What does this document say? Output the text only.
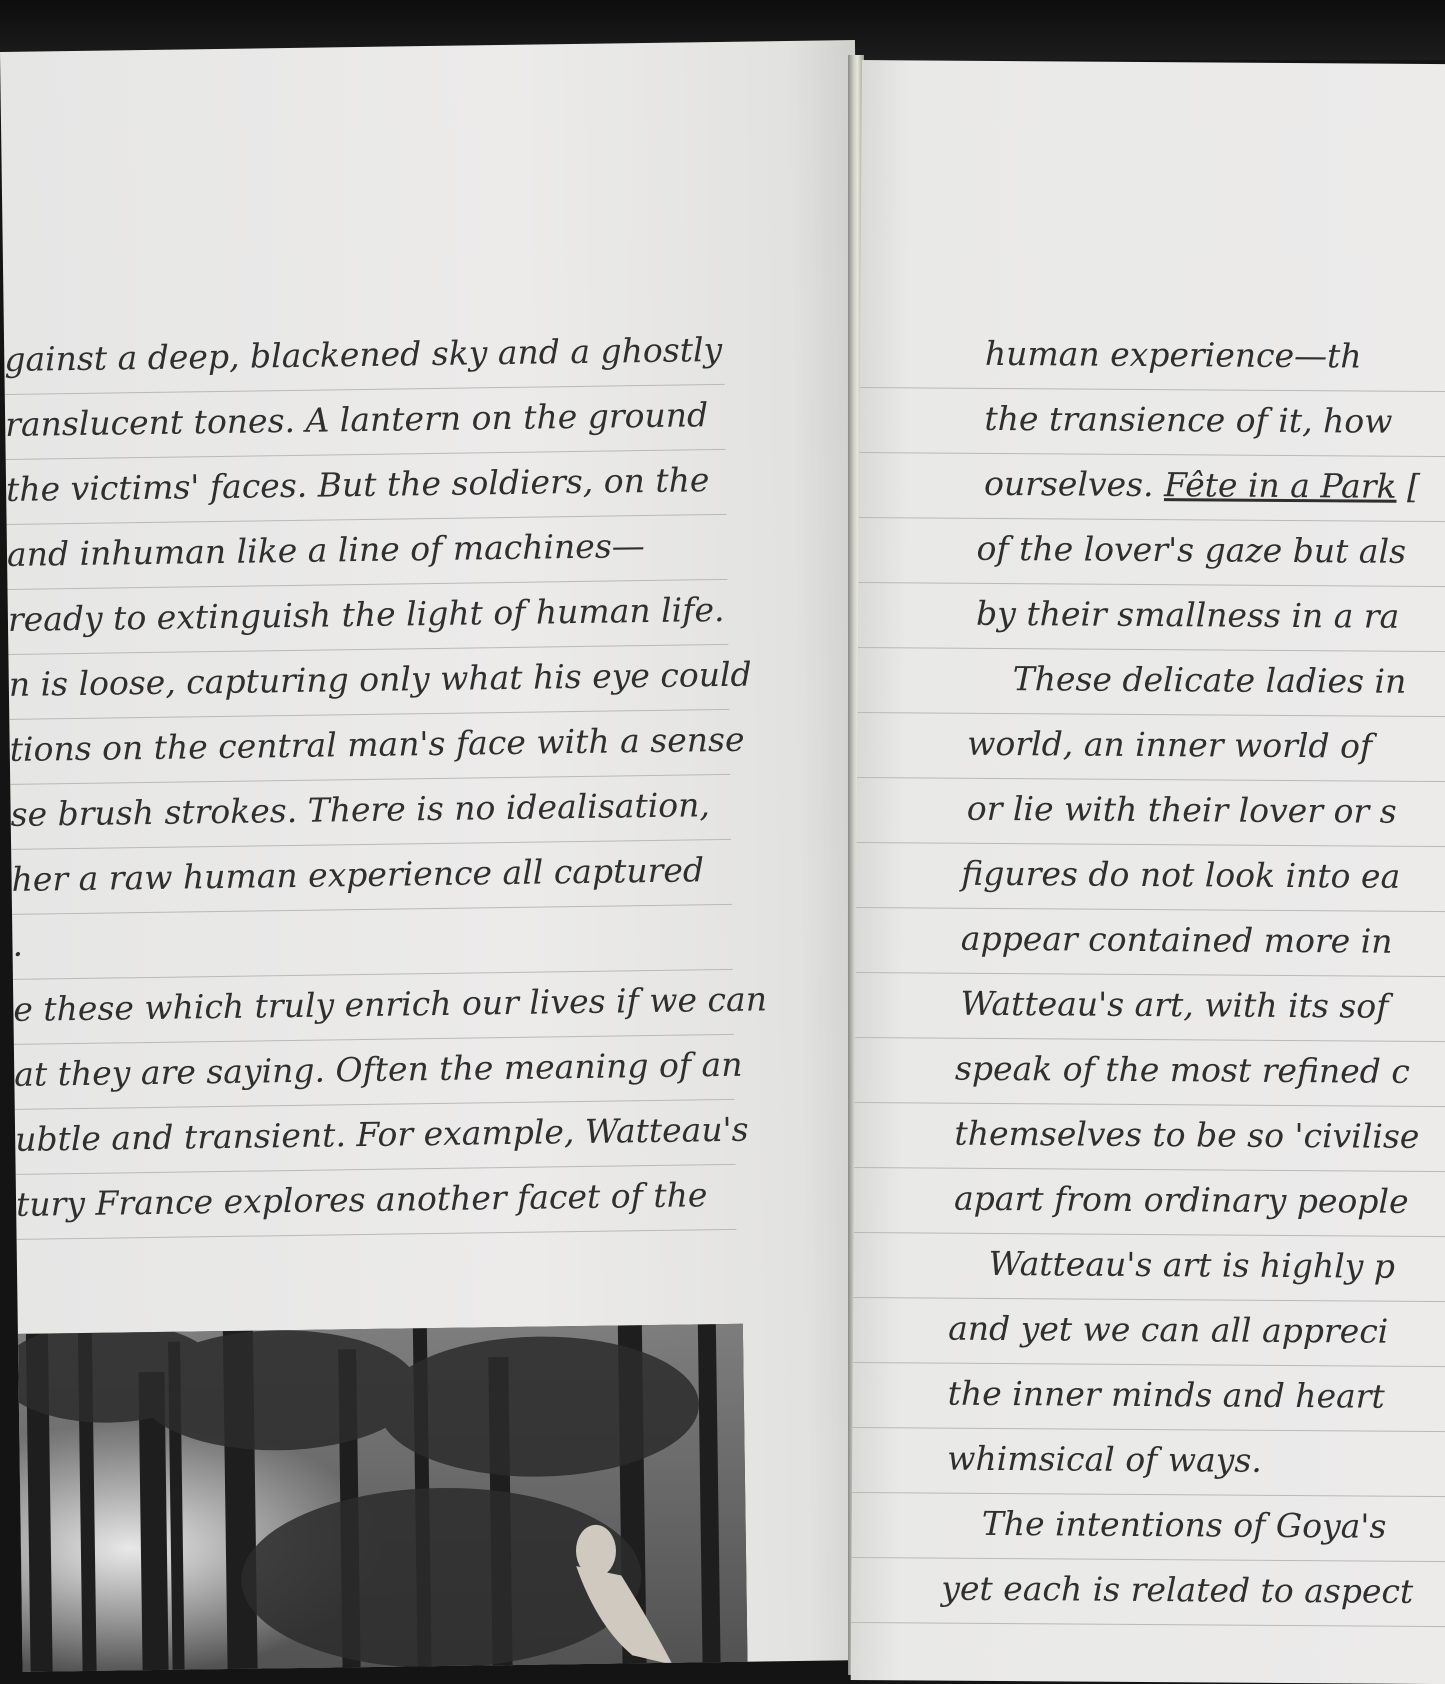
gainst a deep, blackened sky and a ghostly
ranslucent tones. A lantern on the ground
the victims' faces. But the soldiers, on the
and inhuman like a line of machines—
ready to extinguish the light of human life.
n is loose, capturing only what his eye could
tions on the central man's face with a sense
se brush strokes. There is no idealisation,
her a raw human experience all captured
.
e these which truly enrich our lives if we can
at they are saying. Often the meaning of an
ubtle and transient. For example, Watteau's
tury France explores another facet of the
human experience—th
the transience of it, how
ourselves. Fête in a Park [
of the lover's gaze but als
by their smallness in a ra
These delicate ladies in
world, an inner world of
or lie with their lover or s
figures do not look into ea
appear contained more in
Watteau's art, with its sof
speak of the most refined c
themselves to be so 'civilise
apart from ordinary people
Watteau's art is highly p
and yet we can all appreci
the inner minds and heart
whimsical of ways.
The intentions of Goya's
yet each is related to aspect
